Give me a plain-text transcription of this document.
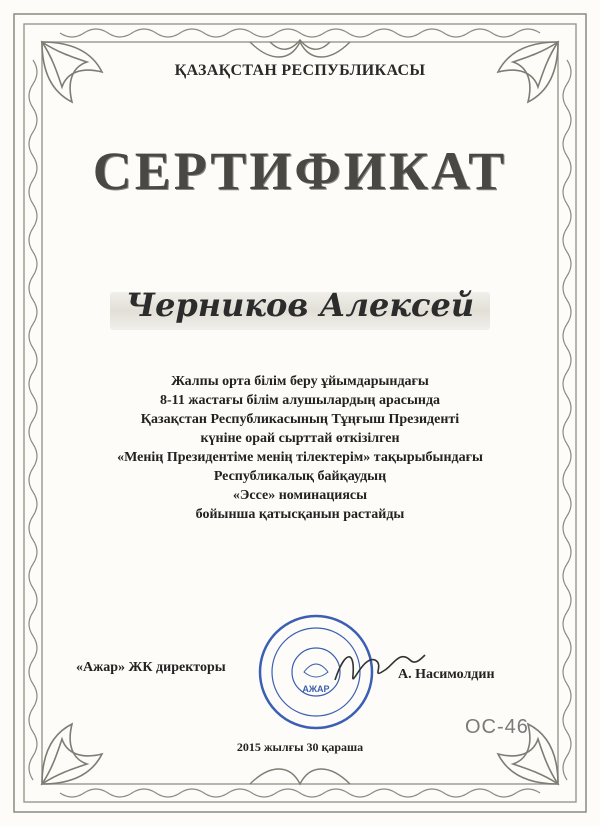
ҚАЗАҚСТАН РЕСПУБЛИКАСЫ
СЕРТИФИКАТ
Черников Алексей
Жалпы орта білім беру ұйымдарындағы
8-11 жастағы білім алушылардың арасында
Қазақстан Республикасының Тұңғыш Президенті
күніне орай сырттай өткізілген
«Менің Президентіме менің тілектерім» тақырыбындағы
Республикалық байқаудың
«Эссе» номинациясы
бойынша қатысқанын растайды
«Ажар» ЖК директоры
АЖАР
А. Насимолдин
ОС-46
2015 жылғы 30 қараша
